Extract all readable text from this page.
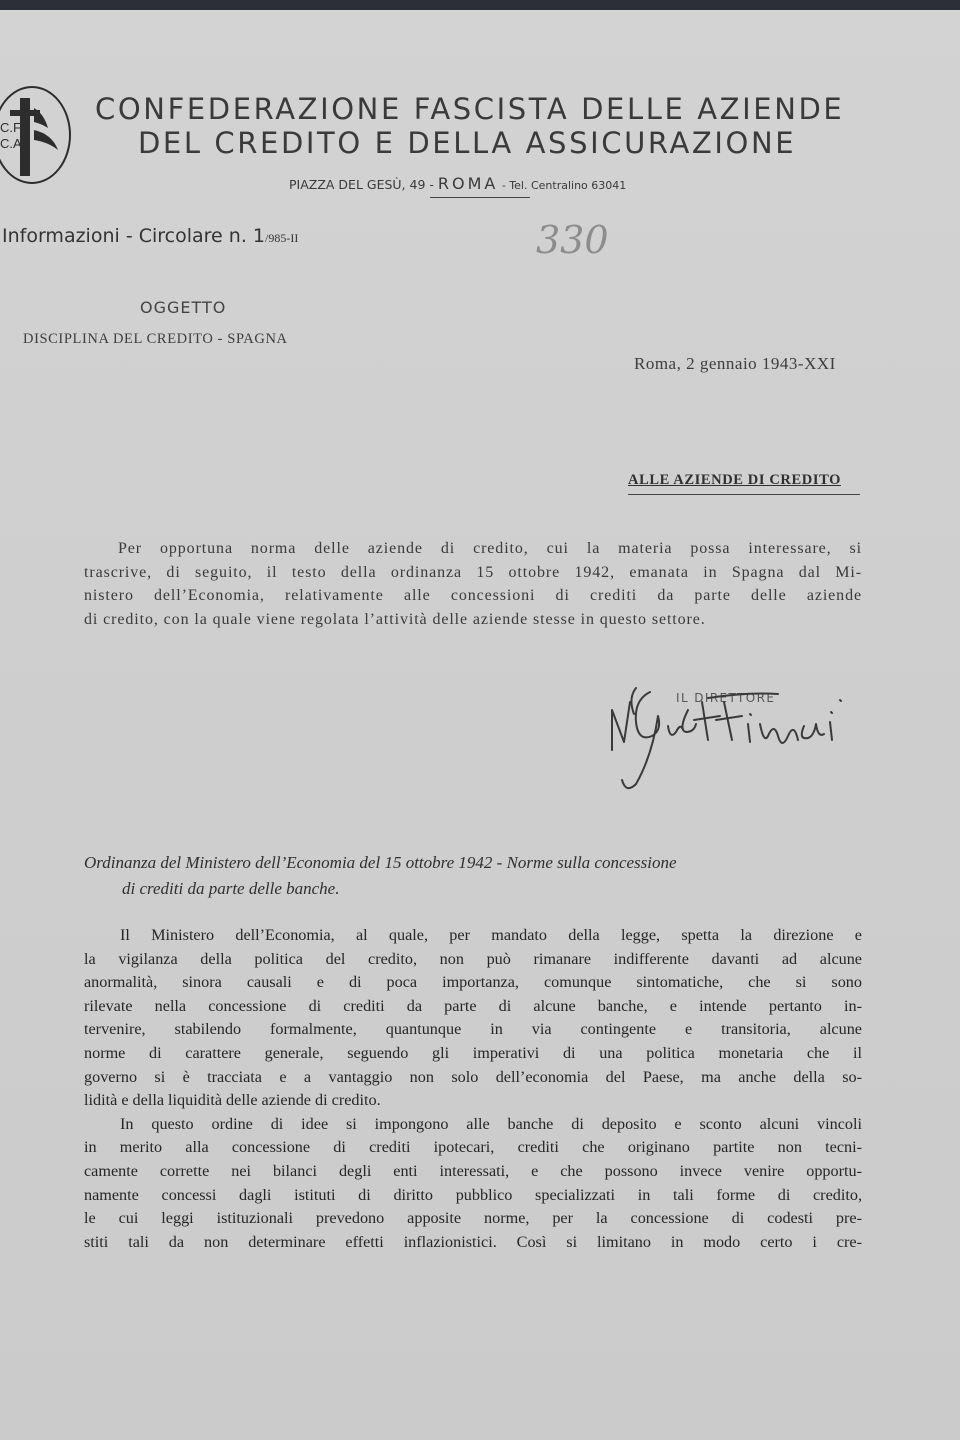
C.F.
C.A.
CONFEDERAZIONE FASCISTA DELLE AZIENDE
DEL CREDITO E DELLA ASSICURAZIONE
PIAZZA DEL GESÙ, 49 - ROMA - Tel. Centralino 63041
Informazioni - Circolare n. 1/985-II	330
OGGETTO
DISCIPLINA DEL CREDITO - SPAGNA
Roma, 2 gennaio 1943-XXI
ALLE AZIENDE DI CREDITO
Per opportuna norma delle aziende di credito, cui la materia possa interessare, si
trascrive, di seguito, il testo della ordinanza 15 ottobre 1942, emanata in Spagna dal Mi-
nistero dell’Economia, relativamente alle concessioni di crediti da parte delle aziende
di credito, con la quale viene regolata l’attività delle aziende stesse in questo settore.
IL DIRETTORE
Ordinanza del Ministero dell’Economia del 15 ottobre 1942 - Norme sulla concessione
di crediti da parte delle banche.
Il Ministero dell’Economia, al quale, per mandato della legge, spetta la direzione e
la vigilanza della politica del credito, non può rimanare indifferente davanti ad alcune
anormalità, sinora causali e di poca importanza, comunque sintomatiche, che si sono
rilevate nella concessione di crediti da parte di alcune banche, e intende pertanto in-
tervenire, stabilendo formalmente, quantunque in via contingente e transitoria, alcune
norme di carattere generale, seguendo gli imperativi di una politica monetaria che il
governo si è tracciata e a vantaggio non solo dell’economia del Paese, ma anche della so-
lidità e della liquidità delle aziende di credito.
In questo ordine di idee si impongono alle banche di deposito e sconto alcuni vincoli
in merito alla concessione di crediti ipotecari, crediti che originano partite non tecni-
camente corrette nei bilanci degli enti interessati, e che possono invece venire opportu-
namente concessi dagli istituti di diritto pubblico specializzati in tali forme di credito,
le cui leggi istituzionali prevedono apposite norme, per la concessione di codesti pre-
stiti tali da non determinare effetti inflazionistici. Così si limitano in modo certo i cre-
